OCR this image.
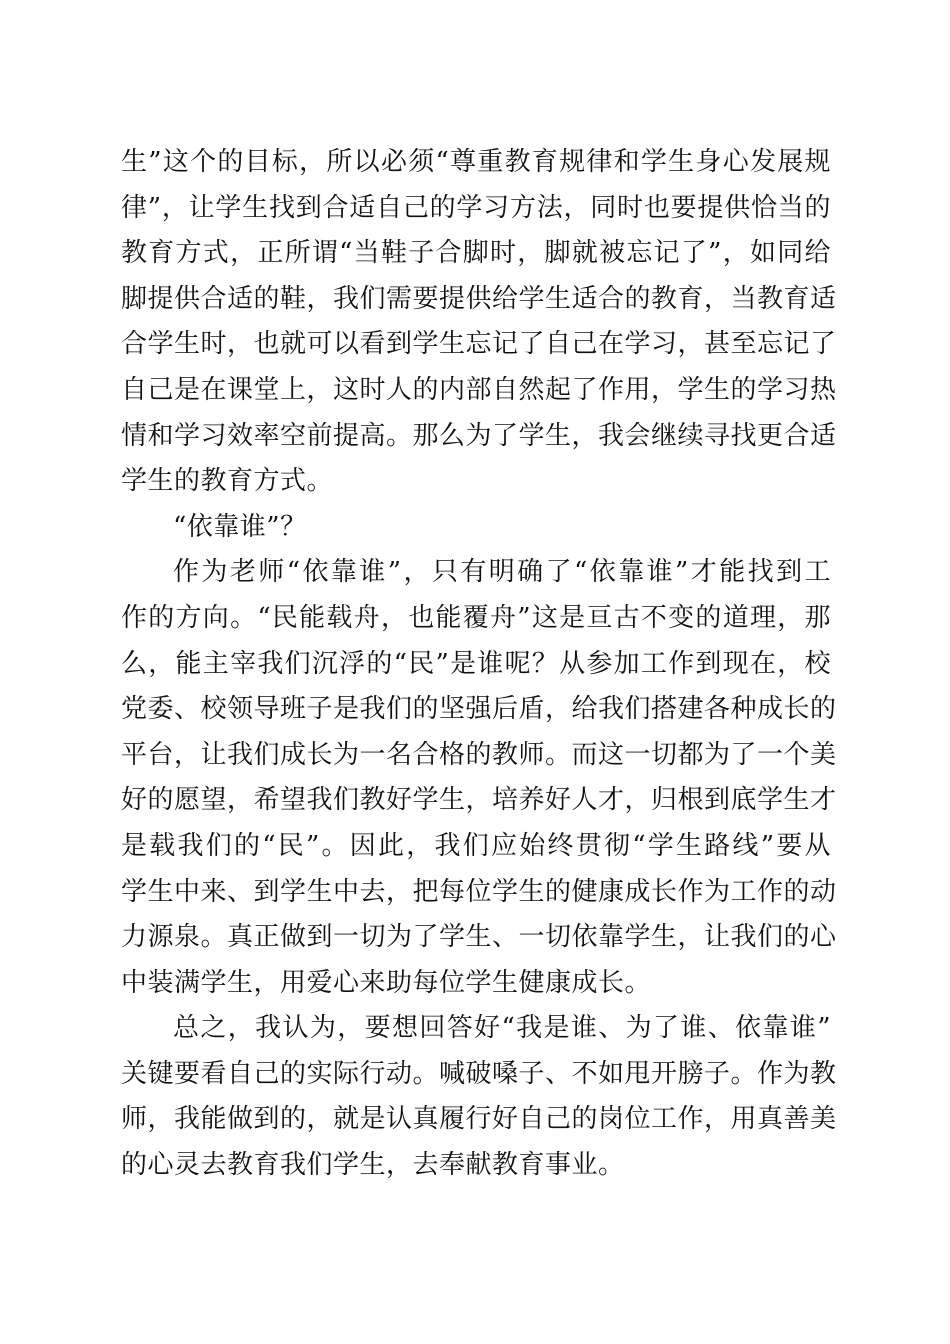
生”这个的目标，所以必须“尊重教育规律和学生身心发展规
律”，让学生找到合适自己的学习方法，同时也要提供恰当的
教育方式，正所谓“当鞋子合脚时，脚就被忘记了”，如同给
脚提供合适的鞋，我们需要提供给学生适合的教育，当教育适
合学生时，也就可以看到学生忘记了自己在学习，甚至忘记了
自己是在课堂上，这时人的内部自然起了作用，学生的学习热
情和学习效率空前提高。那么为了学生，我会继续寻找更合适
学生的教育方式。
“依靠谁”？
作为老师“依靠谁”，只有明确了“依靠谁”才能找到工
作的方向。“民能载舟，也能覆舟”这是亘古不变的道理，那
么，能主宰我们沉浮的“民”是谁呢？从参加工作到现在，校
党委、校领导班子是我们的坚强后盾，给我们搭建各种成长的
平台，让我们成长为一名合格的教师。而这一切都为了一个美
好的愿望，希望我们教好学生，培养好人才，归根到底学生才
是载我们的“民”。因此，我们应始终贯彻“学生路线”要从
学生中来、到学生中去，把每位学生的健康成长作为工作的动
力源泉。真正做到一切为了学生、一切依靠学生，让我们的心
中装满学生，用爱心来助每位学生健康成长。
总之，我认为，要想回答好“我是谁、为了谁、依靠谁”
关键要看自己的实际行动。喊破嗓子、不如甩开膀子。作为教
师，我能做到的，就是认真履行好自己的岗位工作，用真善美
的心灵去教育我们学生，去奉献教育事业。
